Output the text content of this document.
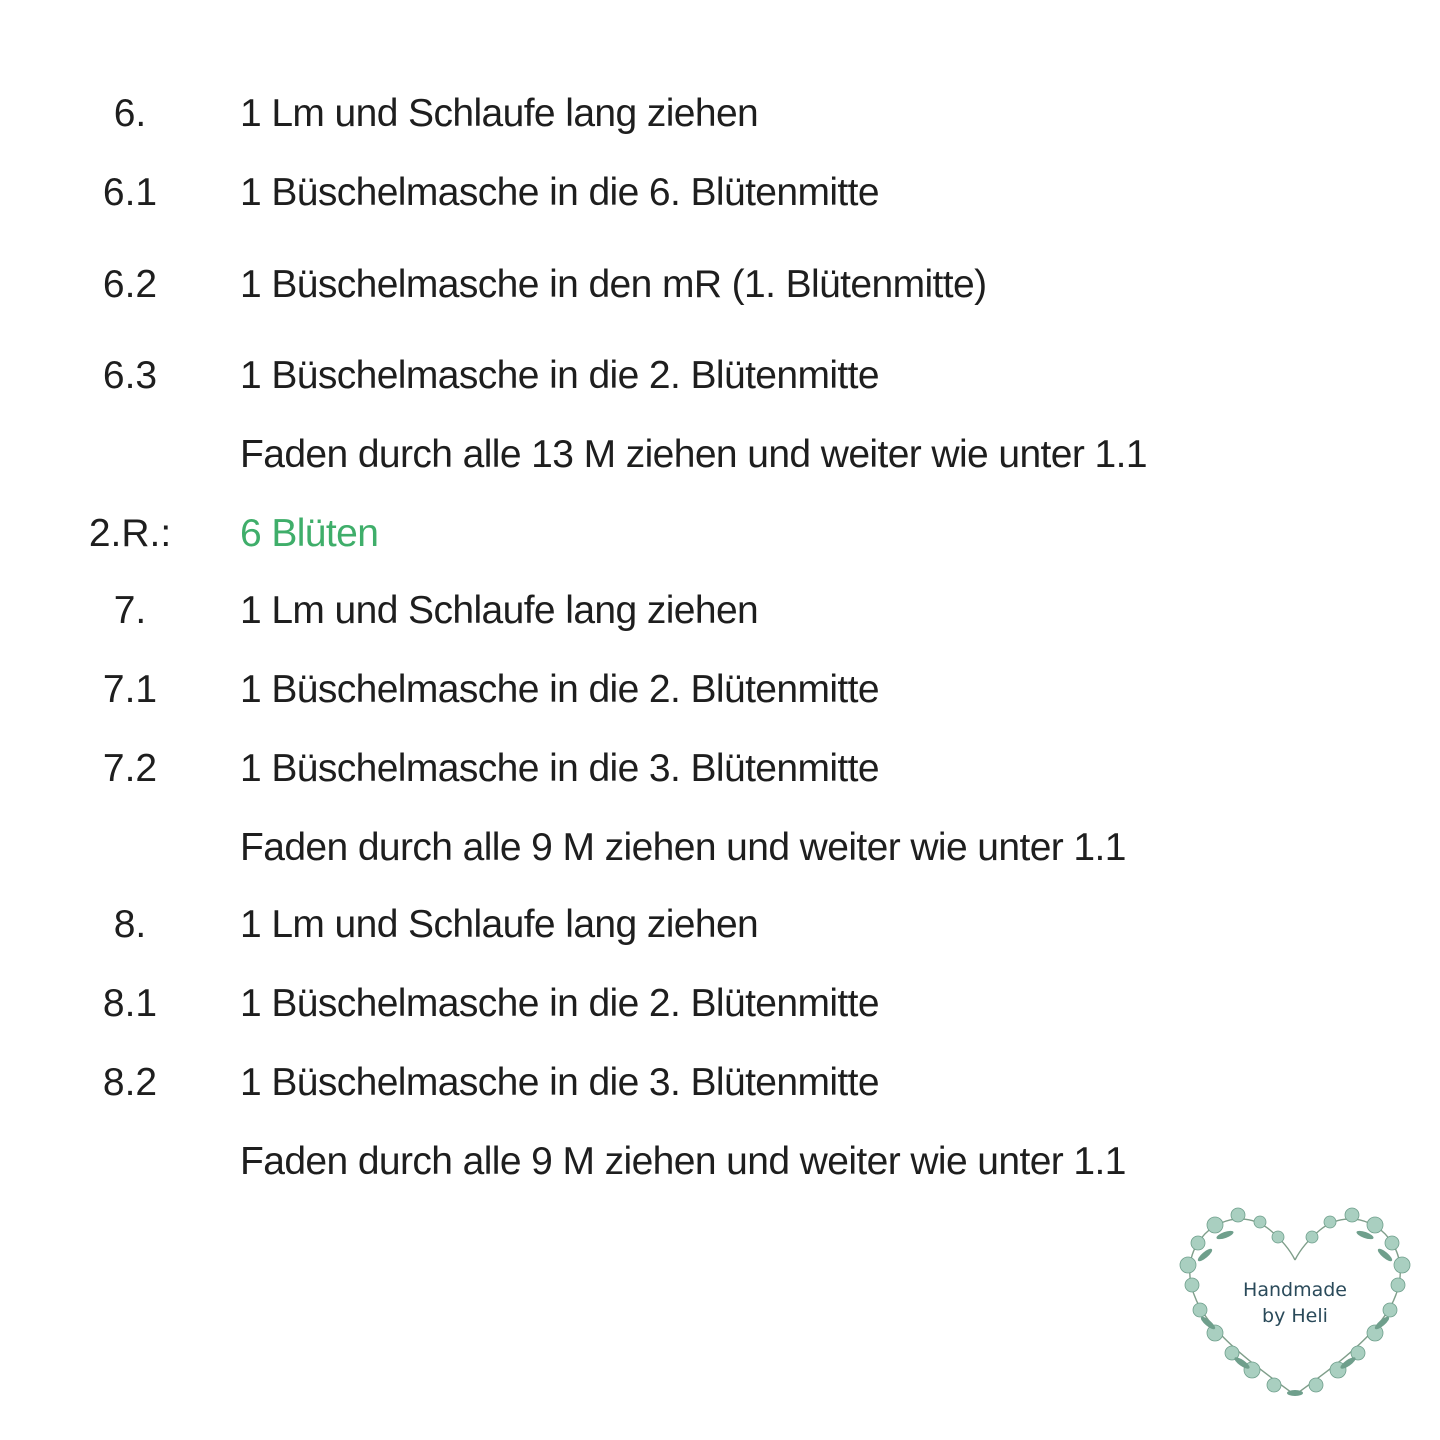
6.	1 Lm und Schlaufe lang ziehen
6.1	1 Büschelmasche in die 6. Blütenmitte
6.2	1 Büschelmasche in den mR (1. Blütenmitte)
6.3	1 Büschelmasche in die 2. Blütenmitte
Faden durch alle 13 M ziehen und weiter wie unter 1.1
2.R.:	6 Blüten
7.	1 Lm und Schlaufe lang ziehen
7.1	1 Büschelmasche in die 2. Blütenmitte
7.2	1 Büschelmasche in die 3. Blütenmitte
Faden durch alle 9 M ziehen und weiter wie unter 1.1
8.	1 Lm und Schlaufe lang ziehen
8.1	1 Büschelmasche in die 2. Blütenmitte
8.2	1 Büschelmasche in die 3. Blütenmitte
Faden durch alle 9 M ziehen und weiter wie unter 1.1
Handmade
by Heli
